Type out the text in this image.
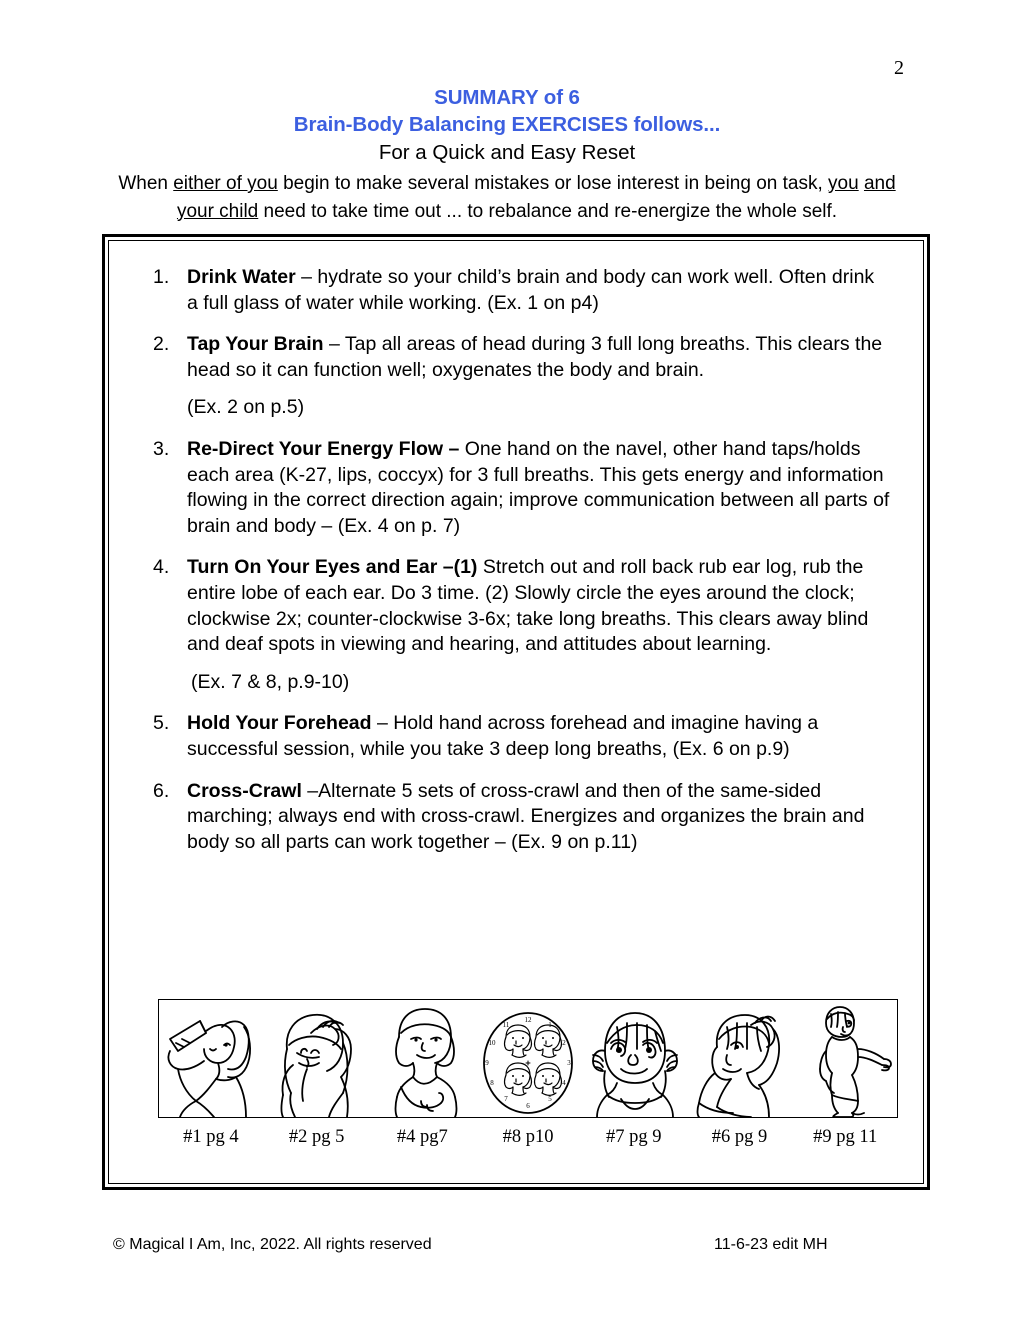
2
SUMMARY of 6
Brain-Body Balancing EXERCISES follows...
For a Quick and Easy Reset
When either of you begin to make several mistakes or lose interest in being on task, you and your child need to take time out ... to rebalance and re-energize the whole self.
1. Drink Water – hydrate so your child’s brain and body can work well. Often drink a full glass of water while working. (Ex. 1 on p4)
2. Tap Your Brain – Tap all areas of head during 3 full long breaths. This clears the head so it can function well; oxygenates the body and brain.
(Ex. 2 on p.5)
3. Re-Direct Your Energy Flow – One hand on the navel, other hand taps/holds each area (K-27, lips, coccyx) for 3 full breaths. This gets energy and information flowing in the correct direction again; improve communication between all parts of brain and body – (Ex. 4 on p. 7)
4. Turn On Your Eyes and Ear –(1) Stretch out and roll back rub ear log, rub the entire lobe of each ear. Do 3 time. (2) Slowly circle the eyes around the clock; clockwise 2x; counter-clockwise 3-6x; take long breaths. This clears away blind and deaf spots in viewing and hearing, and attitudes about learning.
(Ex. 7 & 8, p.9-10)
5. Hold Your Forehead – Hold hand across forehead and imagine having a successful session, while you take 3 deep long breaths, (Ex. 6 on p.9)
6. Cross-Crawl –Alternate 5 sets of cross-crawl and then of the same-sided marching; always end with cross-crawl. Energizes and organizes the brain and body so all parts can work together – (Ex. 9 on p.11)
12
1
2
3
4
5
6
7
8
9
10
11
#1 pg 4	#2 pg 5	#4 pg7	#8 p10	#7 pg 9	#6 pg 9	#9 pg 11
© Magical I Am, Inc, 2022. All rights reserved	11-6-23 edit MH
